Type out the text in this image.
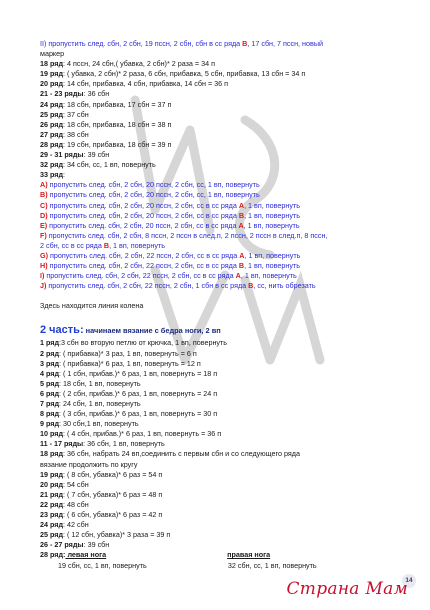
II) пропустить след. сбн, 2 сбн, 19 пссн, 2 сбн, сбн в сс ряда В, 17 сбн, 7 пссн, новый
маркер
18 ряд: 4 пссн, 24 сбн,( убавка, 2 сбн)* 2 раза = 34 п
19 ряд: ( убавка, 2 сбн)* 2 раза, 6 сбн, прибавка, 5 сбн, прибавка, 13 сбн = 34 п
20 ряд: 14 сбн, прибавка, 4 сбн, прибавка, 14 сбн = 36 п
21 - 23 ряды: 36 сбн
24 ряд: 18 сбн, прибавка, 17 сбн = 37 п
25 ряд: 37 сбн
26 ряд: 18 сбн, прибавка, 18 сбн = 38 п
27 ряд: 38 сбн
28 ряд: 19 сбн, прибавка, 18 сбн = 39 п
29 - 31 ряды: 39 сбн
32 ряд: 34 сбн, сс, 1 вп, повернуть
33 ряд:
A) пропустить след. сбн, 2 сбн, 20 пссн, 2 сбн, сс, 1 вп, повернуть
B) пропустить след. сбн, 2 сбн, 20 пссн, 2 сбн, сс, 1 вп, повернуть
C) пропустить след. сбн, 2 сбн, 20 пссн, 2 сбн, сс в сс ряда А, 1 вп, повернуть
D) пропустить след. сбн, 2 сбн, 20 пссн, 2 сбн, сс в сс ряда В, 1 вп, повернуть
E) пропустить след. сбн, 2 сбн, 20 пссн, 2 сбн, сс в сс ряда А, 1 вп, повернуть
F) пропустить след. сбн, 2 сбн, 8 пссн, 2 пссн в след.п, 2 пссн, 2 пссн в след.п, 8 пссн,
2 сбн, сс в сс ряда В, 1 вп, повернуть
G) пропустить след. сбн, 2 сбн, 22 пссн, 2 сбн, сс в сс ряда А, 1 вп, повернуть
H) пропустить след. сбн, 2 сбн, 22 пссн, 2 сбн, сс в сс ряда В, 1 вп, повернуть
I) пропустить след. сбн, 2 сбн, 22 пссн, 2 сбн, сс в сс ряда А, 1 вп, повернуть
J) пропустить след. сбн, 2 сбн, 22 пссн, 2 сбн, 1 сбн в сс ряда В, сс, нить обрезать
Здесь находится линия колена
2 часть: начинаем вязание с бедра ноги, 2 вп
1 ряд:3 сбн во вторую петлю от крючка, 1 вп, повернуть
2 ряд: ( прибавка)* 3 раз, 1 вп, повернуть = 6 п
3 ряд: ( прибавка)* 6 раз, 1 вп, повернуть = 12 п
4 ряд: ( 1 сбн, прибав.)* 6 раз, 1 вп, повернуть = 18 п
5 ряд: 18 сбн, 1 вп, повернуть
6 ряд: ( 2 сбн, прибав.)* 6 раз, 1 вп, повернуть = 24 п
7 ряд: 24 сбн, 1 вп, повернуть
8 ряд: ( 3 сбн, прибав.)* 6 раз, 1 вп, повернуть = 30 п
9 ряд: 30 сбн,1 вп, повернуть
10 ряд: ( 4 сбн, прибав.)* 6 раз, 1 вп, повернуть = 36 п
11 - 17 ряды: 36 сбн, 1 вп, повернуть
18 ряд: 36 сбн, набрать 24 вп,соединить с первым сбн и со следующего ряда
вязание продолжить по кругу
19 ряд: ( 8 сбн, убавка)* 6 раз = 54 п
20 ряд: 54 сбн
21 ряд: ( 7 сбн, убавка)* 6 раз = 48 п
22 ряд: 48 сбн
23 ряд: ( 6 сбн, убавка)* 6 раз = 42 п
24 ряд: 42 сбн
25 ряд: ( 12 сбн, убавка)* 3 раза = 39 п
26 - 27 ряды: 39 сбн
28 ряд: левая нога	правая нога
19 сбн, сс, 1 вп, повернуть	32 сбн, сс, 1 вп, повернуть
14
Страна Мам
